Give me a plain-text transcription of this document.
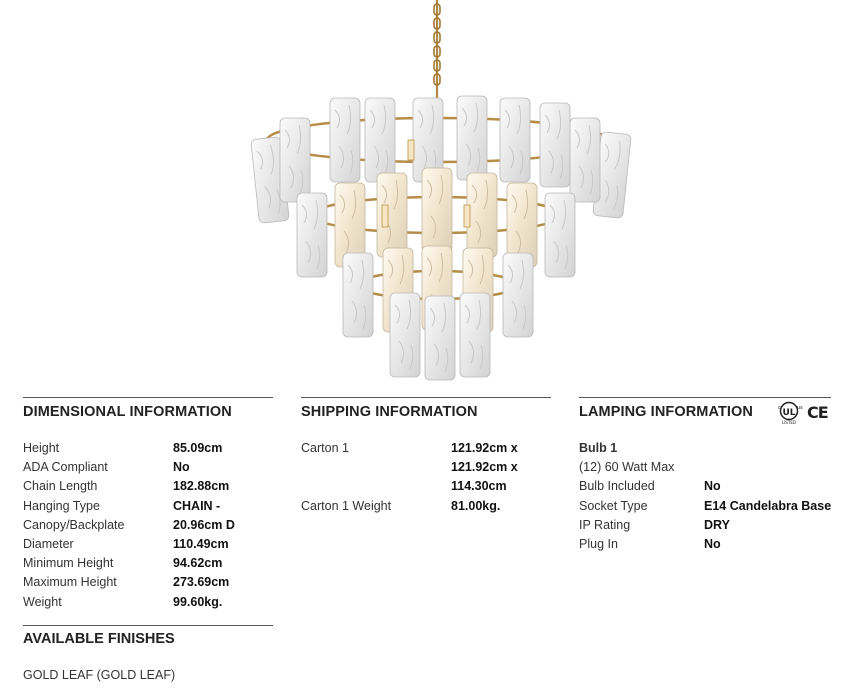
DIMENSIONAL INFORMATION
Height	85.09cm
ADA Compliant	No
Chain Length	182.88cm
Hanging Type	CHAIN -
Canopy/Backplate	20.96cm D
Diameter	110.49cm
Minimum Height	94.62cm
Maximum Height	273.69cm
Weight	99.60kg.
SHIPPING INFORMATION
Carton 1	121.92cm x
121.92cm x
114.30cm
Carton 1 Weight	81.00kg.
LAMPING INFORMATION	UL
c	us
LISTED
CE
Bulb 1
(12) 60 Watt Max
Bulb Included	No
Socket Type	E14 Candelabra Base
IP Rating	DRY
Plug In	No
AVAILABLE FINISHES
GOLD LEAF (GOLD LEAF)
